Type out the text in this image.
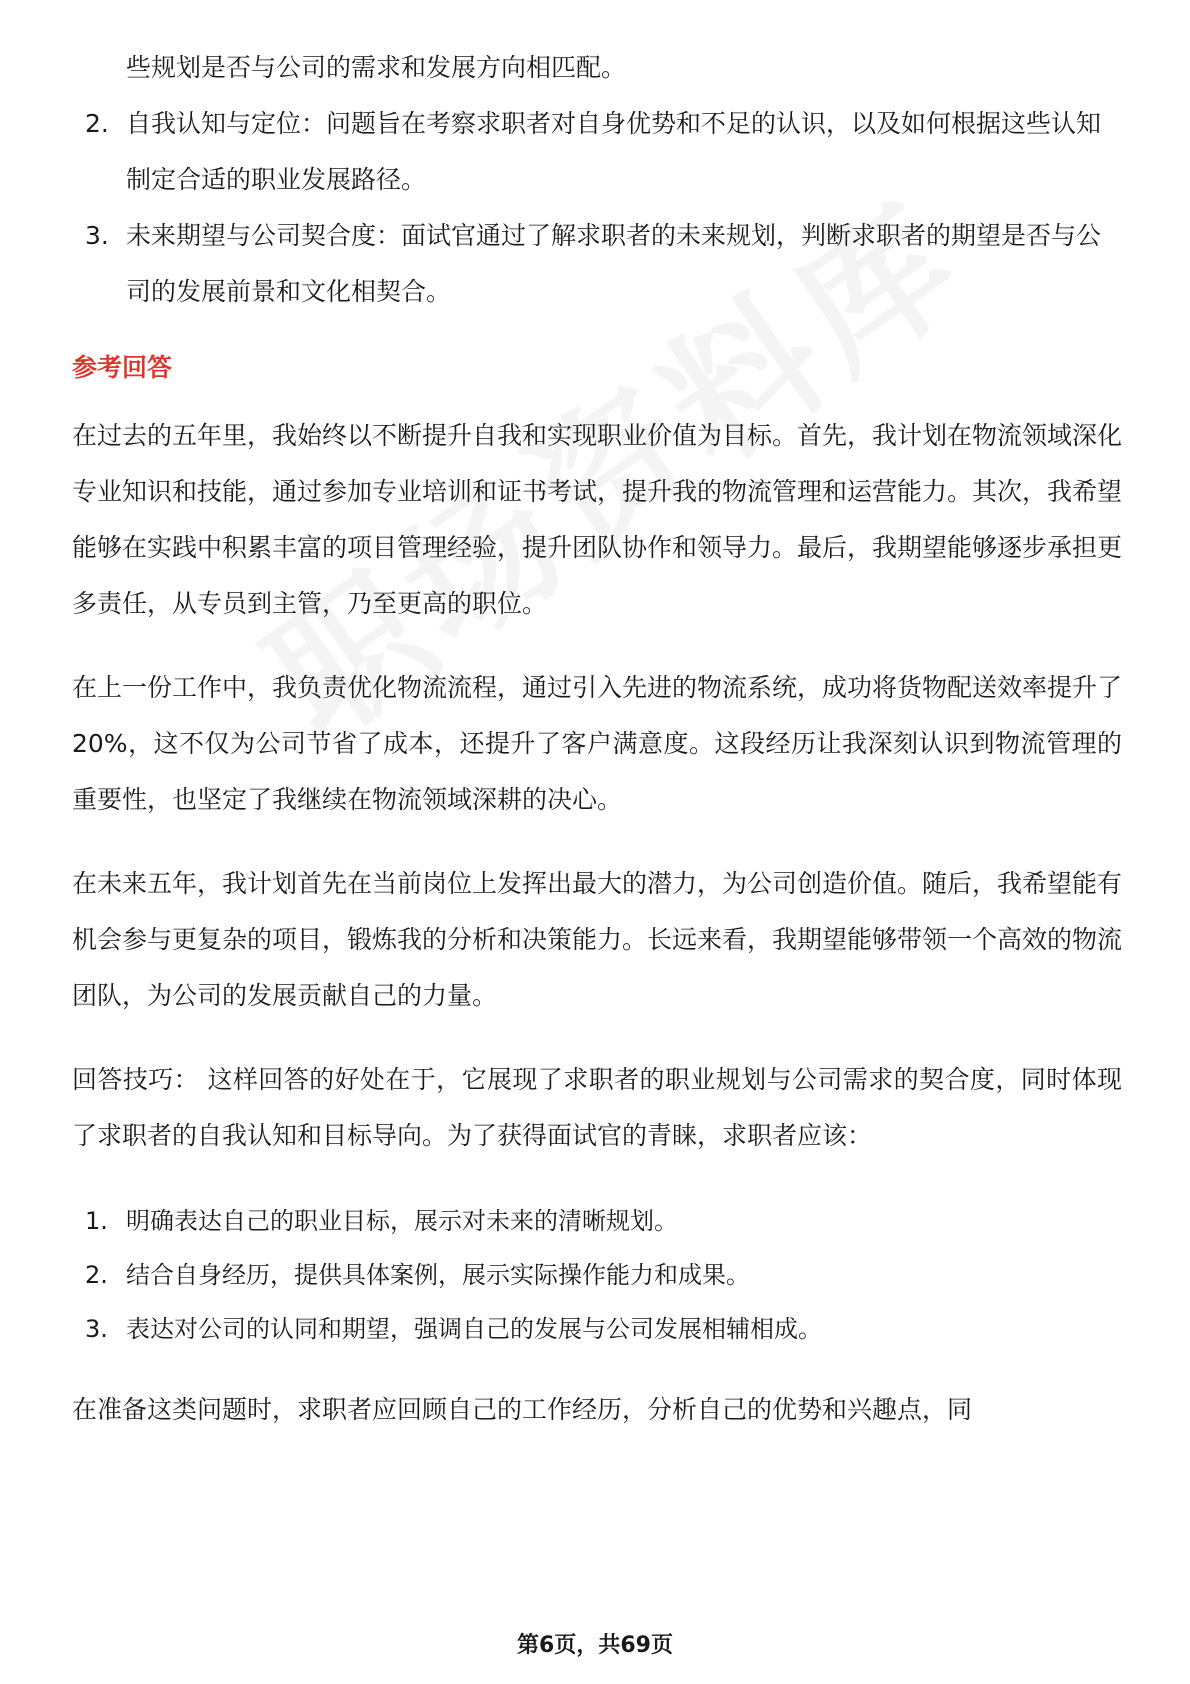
些规划是否与公司的需求和发展方向相匹配。
2. 自我认知与定位：问题旨在考察求职者对自身优势和不足的认识，以及如何根据这些认知制定合适的职业发展路径。
3. 未来期望与公司契合度：面试官通过了解求职者的未来规划，判断求职者的期望是否与公司的发展前景和文化相契合。
参考回答

在过去的五年里，我始终以不断提升自我和实现职业价值为目标。首先，我计划在物流领域深化专业知识和技能，通过参加专业培训和证书考试，提升我的物流管理和运营能力。其次，我希望能够在实践中积累丰富的项目管理经验，提升团队协作和领导力。最后，我期望能够逐步承担更多责任，从专员到主管，乃至更高的职位。

在上一份工作中，我负责优化物流流程，通过引入先进的物流系统，成功将货物配送效率提升了20%，这不仅为公司节省了成本，还提升了客户满意度。这段经历让我深刻认识到物流管理的重要性，也坚定了我继续在物流领域深耕的决心。

在未来五年，我计划首先在当前岗位上发挥出最大的潜力，为公司创造价值。随后，我希望能有机会参与更复杂的项目，锻炼我的分析和决策能力。长远来看，我期望能够带领一个高效的物流团队，为公司的发展贡献自己的力量。

回答技巧： 这样回答的好处在于，它展现了求职者的职业规划与公司需求的契合度，同时体现了求职者的自我认知和目标导向。为了获得面试官的青睐，求职者应该：

1. 明确表达自己的职业目标，展示对未来的清晰规划。
2. 结合自身经历，提供具体案例，展示实际操作能力和成果。
3. 表达对公司的认同和期望，强调自己的发展与公司发展相辅相成。

在准备这类问题时，求职者应回顾自己的工作经历，分析自己的优势和兴趣点，同

第6页，共69页
